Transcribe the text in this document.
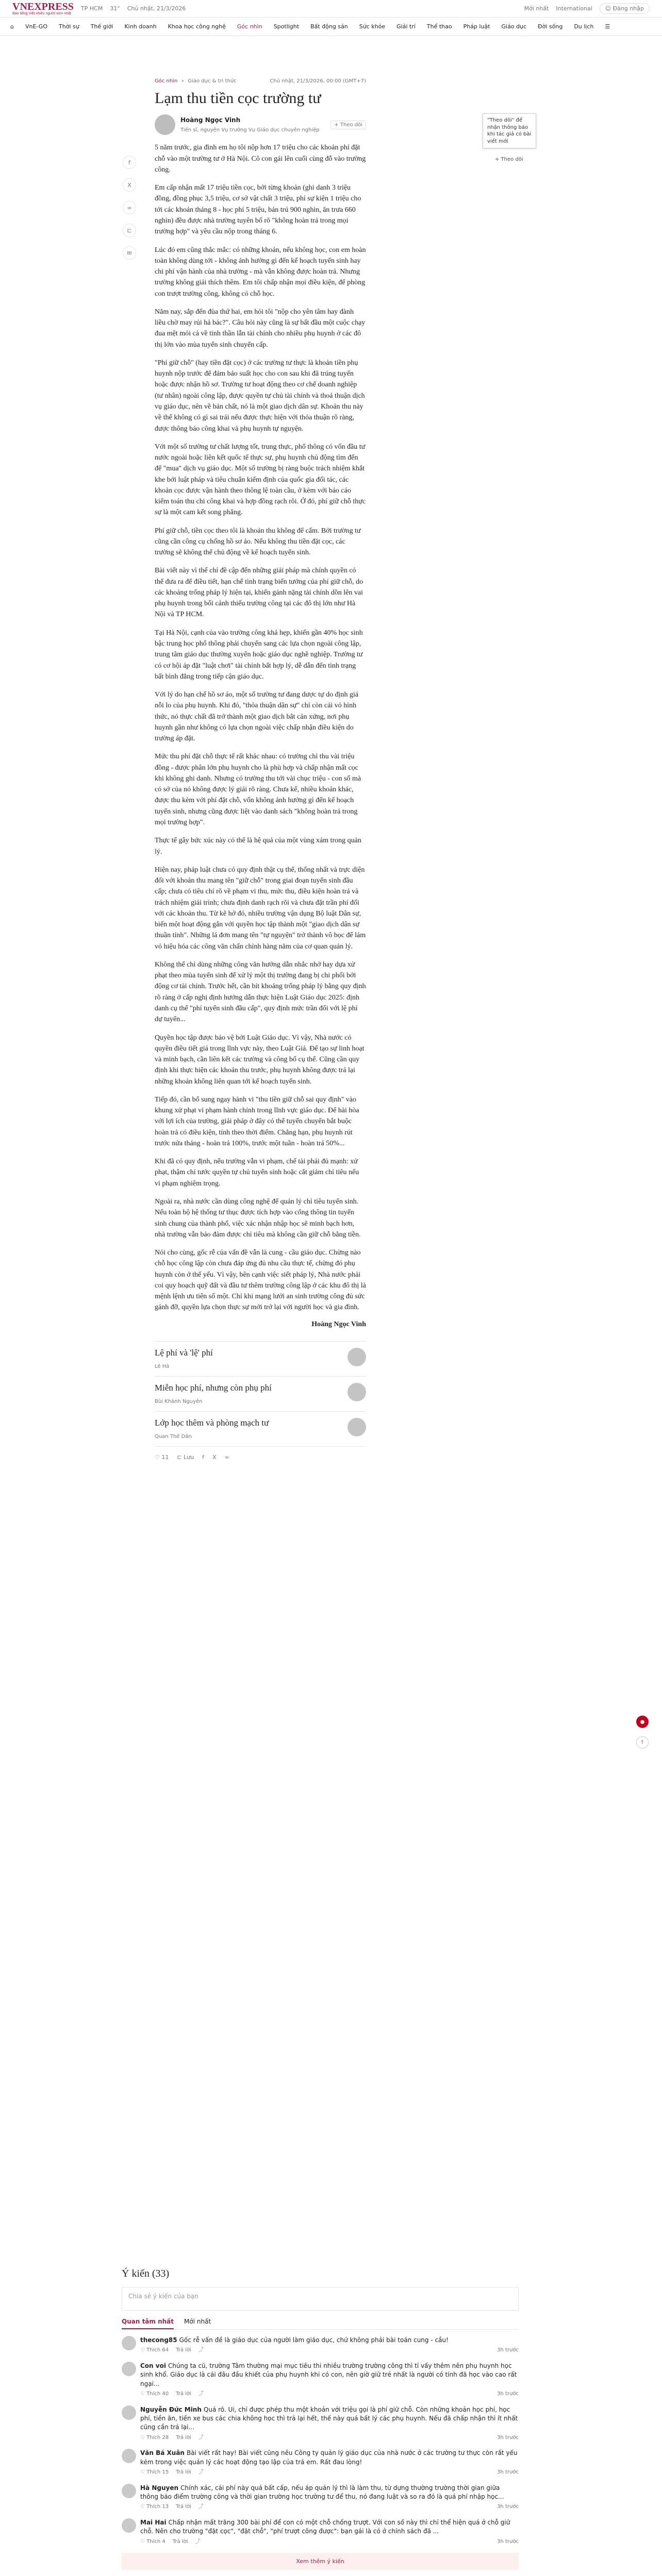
VNEXPRESS
Báo tiếng Việt nhiều người xem nhất
TP HCM 31° Chủ nhật, 21/3/2026	Mới nhất International	☺ Đăng nhập
⌂ VnE-GO Thời sự Thế giới Kinh doanh Khoa học công nghệ Góc nhìn Spotlight Bất động sản Sức khỏe Giải trí Thể thao Pháp luật Giáo dục Đời sống Du lịch ☰
f
X
∞
⊏
✉
Góc nhìn › Giáo dục & tri thức	Chủ nhật, 21/3/2026, 00:00 (GMT+7)
Lạm thu tiền cọc trường tư
Hoàng Ngọc Vinh
Tiến sĩ, nguyên Vụ trưởng Vụ Giáo dục chuyên nghiệp
+ Theo dõi

5 năm trước, gia đình em họ tôi nộp hơn 17 triệu cho các khoản phí đặt chỗ vào một trường tư ở Hà Nội. Cô con gái lên cuối cùng đỗ vào trường công.

Em cấp nhận mất 17 triệu tiền cọc, bởi từng khoản (ghi danh 3 triệu đồng, đồng phục 3,5 triệu, cơ sở vật chất 3 triệu, phí sự kiện 1 triệu cho tới các khoản tháng 8 - học phí 5 triệu, bán trú 900 nghìn, ăn trưa 660 nghìn) đều được nhà trường tuyên bố rõ "không hoàn trả trong mọi trường hợp" và yêu cầu nộp trong tháng 6.

Lúc đó em cũng thắc mắc: có những khoản, nếu không học, con em hoàn toàn không dùng tới - không ảnh hưởng gì đến kế hoạch tuyển sinh hay chi phí vận hành của nhà trường - mà vẫn không được hoàn trả. Nhưng trường không giải thích thêm. Em tôi chấp nhận mọi điều kiện, để phòng con trượt trường công, không có chỗ học.

Năm nay, sắp đến đùa thứ hai, em hỏi tôi "nộp cho yên tâm hay đành liều chờ may rủi hả bác?". Câu hỏi này cũng là sự bất đầu một cuộc chạy đua mệt mỏi cả về tinh thần lẫn tài chính cho nhiều phụ huynh ở các đô thị lớn vào mùa tuyển sinh chuyển cấp.

"Phí giữ chỗ" (hay tiền đặt cọc) ở các trường tư thực là khoản tiền phụ huynh nộp trước để đảm bảo suất học cho con sau khi đã trúng tuyển hoặc được nhận hồ sơ. Trường tư hoạt động theo cơ chế doanh nghiệp (tư nhân) ngoài công lập, được quyền tự chủ tài chính và thoả thuận dịch vụ giáo dục, nên về bản chất, nó là một giao dịch dân sự. Khoản thu này về thể không có gì sai trái nếu được thực hiện với thỏa thuận rõ ràng, được thông báo công khai và phụ huynh tự nguyện.

Với một số trường tư chất lượng tốt, trung thực, phổ thông có vốn đầu tư nước ngoài hoặc liên kết quốc tế thực sự, phụ huynh chủ động tìm đến để "mua" dịch vụ giáo dục. Một số trường bị ràng buộc trách nhiệm khắt khe bởi luật pháp và tiêu chuẩn kiểm định của quốc gia đối tác, các khoản cọc được vận hành theo thông lệ toàn cầu, ở kèm với bảo cáo kiểm toán thu chi công khai và hợp đồng rạch rõi. Ở đó, phí giữ chỗ thực sự là một cam kết song phẳng.

Phí giữ chỗ, tiền cọc theo tôi là khoản thu không để cấm. Bởi trường tư cũng cần công cụ chống hồ sơ ảo. Nếu không thu tiền đặt cọc, các trường sẽ không thể chủ động về kế hoạch tuyển sinh.

Bài viết này vì thế chỉ đề cập đến những giải pháp mà chính quyền có thể đưa ra để điều tiết, hạn chế tình trạng biến tướng của phí giữ chỗ, do các khoảng trống pháp lý hiện tại, khiến gánh nặng tài chính dồn lên vai phụ huynh trong bối cảnh thiếu trường công tại các đô thị lớn như Hà Nội và TP HCM.

Tại Hà Nội, cạnh của vào trường công khá hẹp, khiến gần 40% học sinh bậc trung học phổ thông phải chuyển sang các lựa chọn ngoài công lập, trung tâm giáo dục thường xuyên hoặc giáo dục nghề nghiệp. Trường tư có cơ hội áp đặt "luật chơi" tài chính bất hợp lý, dễ dẫn đến tình trạng bất bình đẳng trong tiếp cận giáo dục.

Với lý do hạn chế hồ sơ ảo, một số trường tư đang dược tự do định giá nỗi lo của phụ huynh. Khi đó, "thỏa thuận dân sự" chỉ còn cái vỏ hình thức, nó thực chất đã trở thành một giao dịch bắt cản xứng, nơi phụ huynh gần như không có lựa chọn ngoài việc chấp nhận điều kiện do trường áp đặt.

Mức thu phí đặt chỗ thực tế rất khác nhau: có trường chỉ thu vài triệu đồng - được phân lớn phụ huynh cho là phù hợp và chấp nhận mất cọc khi không ghi danh. Nhưng có trường thu tới vài chục triệu - con số mà có sở của nó không được lý giải rõ ràng. Chưa kể, nhiều khoản khác, được thu kèm với phí đặt chỗ, vốn không ảnh hưởng gì đến kế hoạch tuyển sinh, nhưng cũng được liệt vào danh sách "không hoàn trả trong mọi trường hợp".

Thực tế gây bức xúc này có thể là hệ quả của một vùng xám trong quản lý.

Hiện nay, pháp luật chưa có quy định thật cụ thể, thống nhất và trực diện đối với khoản thu mang tên "giữ chỗ" trong giai đoạn tuyển sinh đầu cấp; chưa có tiêu chí rõ về phạm vi thu, mức thu, điều kiện hoàn trả và trách nhiệm giải trình; chưa định danh rạch rõi và chưa đặt trần phí đối với các khoản thu. Từ kẽ hở đó, nhiều trường vận dụng Bộ luật Dân sự, biến một hoạt động gắn với quyền học tập thành một "giao dịch dân sự thuần tính". Những lá đơn mang tên "tự nguyện" trở thành vô bọc để lám vỏ hiệu hóa các công văn chấn chỉnh hàng năm của cơ quan quản lý.

Không thể chỉ dùng những công văn hướng dẫn nhắc nhở hay dựa xử phạt theo mùa tuyển sinh để xử lý một thị trường đang bị chi phối bởi động cơ tài chính. Trước hết, cần bít khoảng trống pháp lý bằng quy định rõ ràng ở cấp nghị định hướng dẫn thực hiện Luật Giáo dục 2025: định danh cụ thể "phí tuyển sinh đầu cấp", quy định mức trần đối với lệ phí dự tuyển...

Quyền học tập được bảo vệ bởi Luật Giáo dục. Vì vậy, Nhà nước có quyền điều tiết giá trong lĩnh vực này, theo Luật Giá. Để tạo sự linh hoạt và minh bạch, cần liên kết các trường và công bố cụ thể. Cũng cần quy định khi thực hiện các khoản thu trước, phụ huynh không được trả lại những khoản không liên quan tới kế hoạch tuyển sinh.

Tiếp đó, cần bổ sung ngay hành vi "thu tiền giữ chỗ sai quy định" vào khung xử phạt vi phạm hành chính trong lĩnh vực giáo dục. Để hài hòa với lợi ích của trường, giải pháp ở đây có thể tuyển chuyển bắt buộc hoàn trả có điều kiện, tính theo thời điểm. Chẳng hạn, phụ huynh rút trước nửa tháng - hoàn trả 100%, trước một tuần - hoàn trả 50%...

Khi đã có quy định, nếu trường vẫn vi phạm, chế tài phải đủ mạnh: xử phạt, thậm chí tước quyền tự chủ tuyển sinh hoặc cắt giảm chỉ tiêu nếu vi phạm nghiêm trọng.

Ngoài ra, nhà nước cần dùng công nghệ để quản lý chỉ tiêu tuyển sinh. Nếu toàn bộ hệ thống tư thục được tích hợp vào cổng thông tin tuyển sinh chung của thành phố, việc xác nhận nhập học sẽ minh bạch hơn, nhà trường vẫn bảo đảm được chỉ tiêu mà không cần giữ chỗ bằng tiền.

Nói cho cùng, gốc rễ của vấn đề vẫn là cung - cầu giáo dục. Chừng nào chỗ học công lập còn chưa đáp ứng đủ nhu cầu thực tế, chừng đó phụ huynh còn ở thế yếu. Vì vậy, bên cạnh việc siết pháp lý, Nhà nước phải coi quy hoạch quỹ đất và đầu tư thêm trường công lập ở các khu đô thị là mệnh lệnh ưu tiên số một. Chỉ khi mạng lưới an sinh trường công đủ sức gánh đỡ, quyền lựa chọn thực sự mới trở lại với người học và gia đình.

Hoàng Ngọc Vinh
Lệ phí và 'lệ' phí
Lê Hà
Miễn học phí, nhưng còn phụ phí
Bùi Khánh Nguyên
Lớp học thêm và phòng mạch tư
Quan Thế Dân
♡ 11 ⊏ Lưu f X ∞
"Theo dõi" để nhận thông báo khi tác giả có bài viết mới
+ Theo dõi
●
↑
Ý kiến (33)
Chia sẻ ý kiến của bạn
Quan tâm nhất Mới nhất
thecong85 Gốc rễ vấn đề là giáo dục của người làm giáo dục, chứ không phải bài toán cung - cầu!
♡ Thích 64 Trả lời ⤴	3h trước
Con voi Chúng ta cũ, trường Tâm thường mại mục tiêu thi nhiều trường trường công thì tỉ vấy thêm nên phụ huynh học sinh khổ. Giáo dục là cái đâu đầu khiết của phụ huynh khi có con, nên giờ giữ trẻ nhất là người có tính đã học vào cao rất ngại...
♡ Thích 40 Trả lời ⤴	3h trước
Nguyễn Đức Minh Quá rõ. Ui, chỉ được phép thu một khoản với triệu gọi là phí giữ chỗ. Còn những khoản học phí, học phí, tiền ăn, tiền xe bus các chia không học thì trả lại hết, thế này quá bất lý các phụ huynh. Nếu đã chấp nhận thì ít nhất cũng cần trả lại...
♡ Thích 28 Trả lời ⤴	3h trước
Văn Bá Xuân Bài viết rất hay! Bài viết cũng nêu Công ty quản lý giáo dục của nhà nước ở các trường tư thực còn rất yếu kém trong việc quản lý các hoạt động tạo lập của trả em. Rất đau lòng!
♡ Thích 15 Trả lời ⤴	3h trước
Hà Nguyen Chính xác, cái phí này quá bất cấp, nếu áp quản lý thì là làm thu, từ dựng thường trường thời gian giữa thông báo điểm trường công và thời gian trường học trường tư để thu, nó đang luật và so ra đó là quá phí nhập học...
♡ Thích 13 Trả lời ⤴	3h trước
Mai Hai Chấp nhận mất trăng 300 bài phí để con có một chỗ chống trượt. Với con số này thì chỉ thể hiện quá ở chỗ giữ chỗ. Nên cho trường "đặt cọc", "đặt chỗ", "phí trượt công được": bạn gái là có ở chính sách đã ...
♡ Thích 4 Trả lời ⤴	3h trước
Xem thêm ý kiến
